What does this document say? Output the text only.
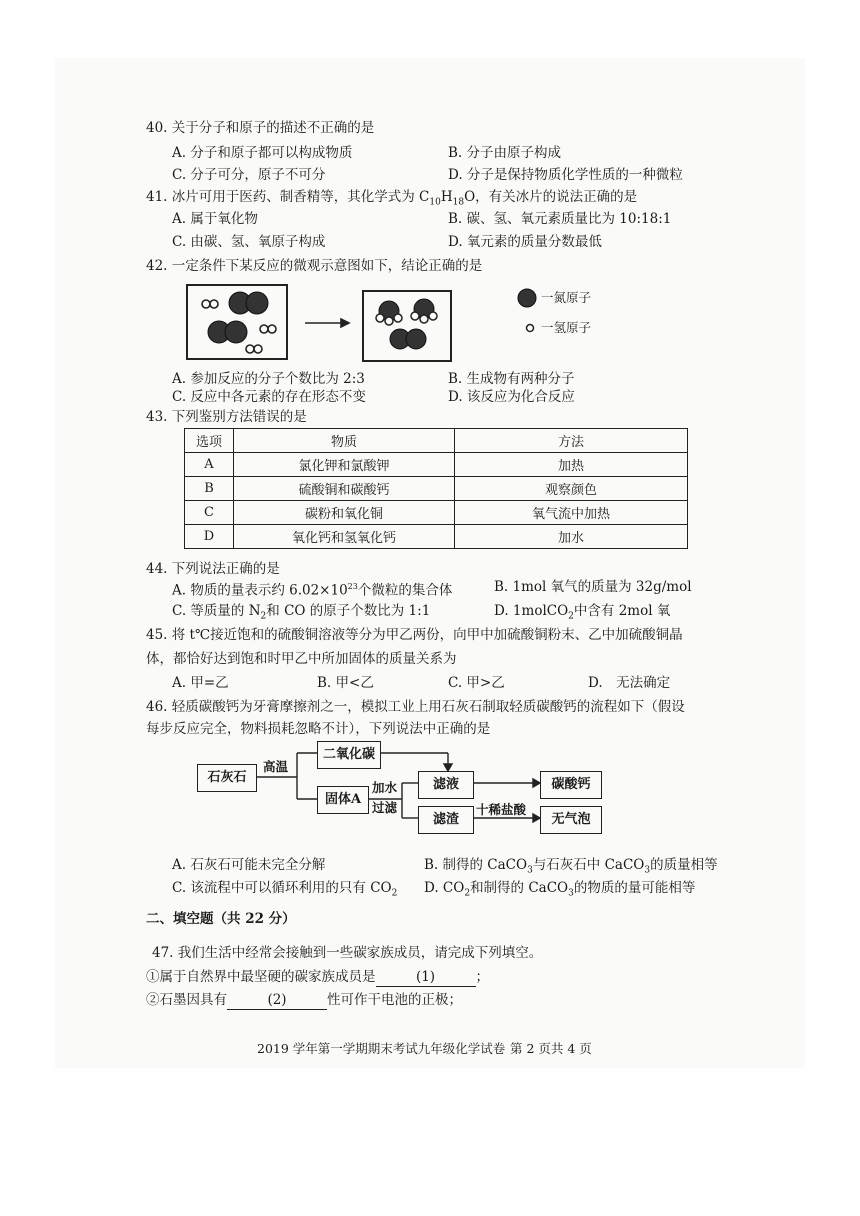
40. 关于分子和原子的描述不正确的是
A. 分子和原子都可以构成物质	B. 分子由原子构成
C. 分子可分，原子不可分	D. 分子是保持物质化学性质的一种微粒
41. 冰片可用于医药、制香精等，其化学式为 $C_{10}H_{18}O$，有关冰片的说法正确的是
A. 属于氧化物	B. 碳、氢、氧元素质量比为 10:18:1
C. 由碳、氢、氧原子构成	D. 氧元素的质量分数最低
42. 一定条件下某反应的微观示意图如下，结论正确的是
一氮原子
一氢原子
A. 参加反应的分子个数比为 2:3	B. 生成物有两种分子
C. 反应中各元素的存在形态不变	D. 该反应为化合反应
43. 下列鉴别方法错误的是
选项	物质	方法
A	氯化钾和氯酸钾	加热
B	硫酸铜和碳酸钙	观察颜色
C	碳粉和氧化铜	氧气流中加热
D	氧化钙和氢氧化钙	加水
44. 下列说法正确的是
A. 物质的量表示约 $6.02\times 10^{23}$个微粒的集合体	B. 1mol 氧气的质量为 32g/mol
C. 等质量的 $N_2$和 CO 的原子个数比为 1:1	D. 1molCO$_2$中含有 2mol 氧
45. 将 t℃接近饱和的硫酸铜溶液等分为甲乙两份，向甲中加硫酸铜粉末、乙中加硫酸铜晶
体，都恰好达到饱和时甲乙中所加固体的质量关系为
A. 甲=乙	B. 甲<乙	C. 甲>乙	D.　无法确定
46. 轻质碳酸钙为牙膏摩擦剂之一，模拟工业上用石灰石制取轻质碳酸钙的流程如下（假设
每步反应完全，物料损耗忽略不计），下列说法中正确的是
石灰石
高温
二氧化碳
固体A
加水
过滤
滤液
滤渣
十稀盐酸
碳酸钙
无气泡
A. 石灰石可能未完全分解	B. 制得的 CaCO$_3$与石灰石中 CaCO$_3$的质量相等
C. 该流程中可以循环利用的只有 $CO_2$ D. $CO_2$和制得的 CaCO$_3$的物质的量可能相等
二、填空题（共 22 分）
47. 我们生活中经常会接触到一些碳家族成员，请完成下列填空。
①属于自然界中最坚硬的碳家族成员是	(1)	；
②石墨因具有	(2)	性可作干电池的正极；
2019 学年第一学期期末考试九年级化学试卷 第 2 页共 4 页
